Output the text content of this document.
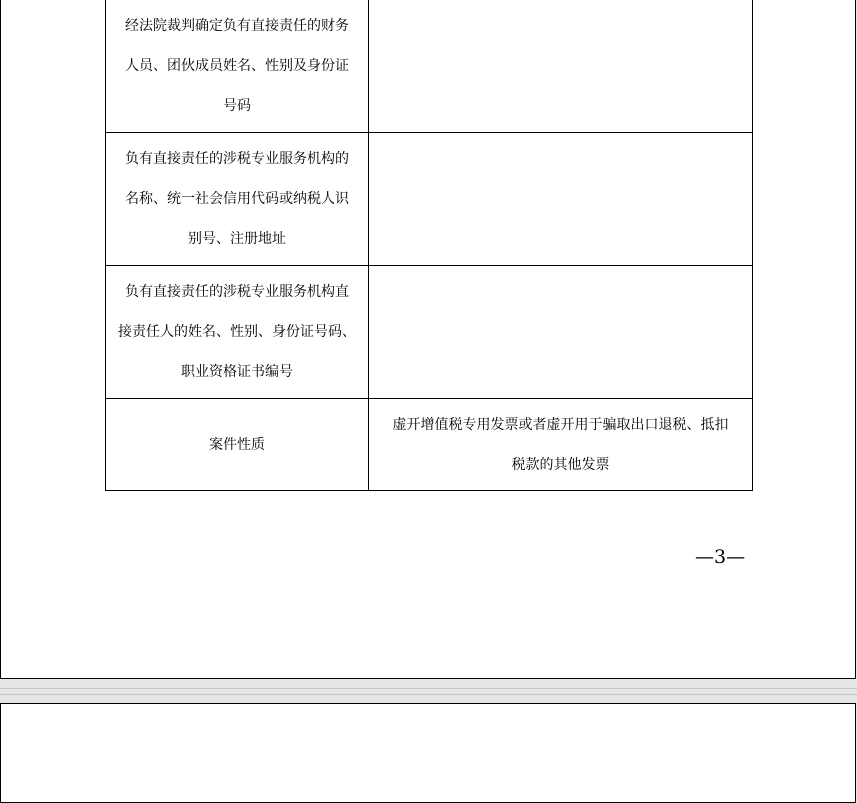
经法院裁判确定负有直接责任的财务
人员、团伙成员姓名、性别及身份证
号码	

负有直接责任的涉税专业服务机构的
名称、统一社会信用代码或纳税人识
别号、注册地址	

负有直接责任的涉税专业服务机构直
接责任人的姓名、性别、身份证号码、
职业资格证书编号	

案件性质	虚开增值税专用发票或者虚开用于骗取出口退税、抵扣
税款的其他发票
—3—
